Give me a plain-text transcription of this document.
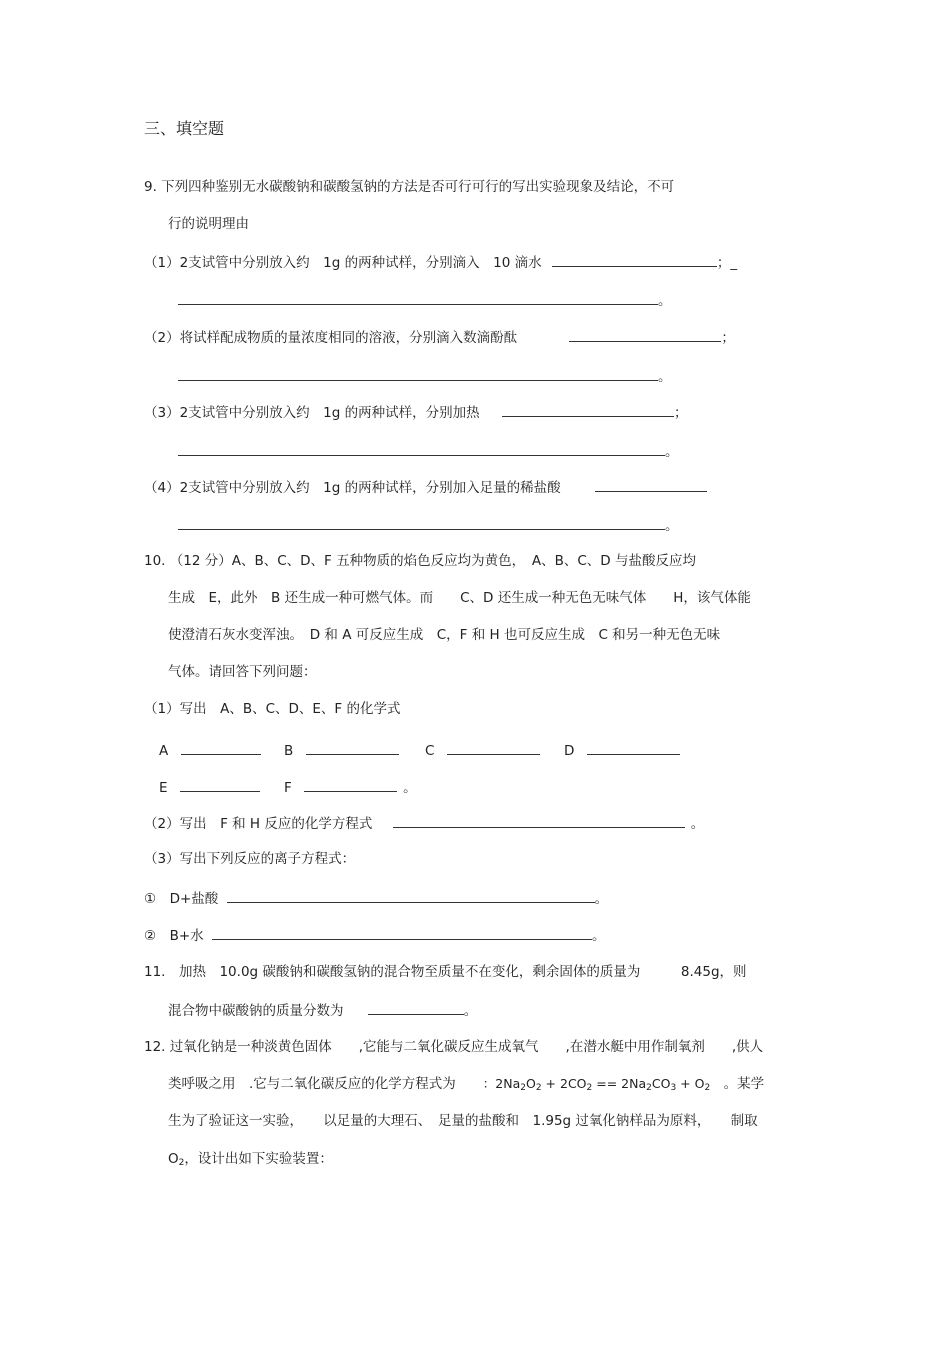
三、填空题
9. 下列四种鉴别无水碳酸钠和碳酸氢钠的方法是否可行可行的写出实验现象及结论，不可
行的说明理由
（1）2支试管中分别放入约　1g 的两种试样，分别滴入　10 滴水	；_
。
（2）将试样配成物质的量浓度相同的溶液，分别滴入数滴酚酞	；
。
（3）2支试管中分别放入约　1g 的两种试样，分别加热	；
。
（4）2支试管中分别放入约　1g 的两种试样，分别加入足量的稀盐酸
。
10. （12 分）A、B、C、D、F 五种物质的焰色反应均为黄色，　A、B、C、D 与盐酸反应均
生成　E，此外　B 还生成一种可燃气体。而　　C、D 还生成一种无色无味气体　　H，该气体能
使澄清石灰水变浑浊。　D 和 A 可反应生成　C，F 和 H 也可反应生成　C 和另一种无色无味
气体。请回答下列问题：
（1）写出　A、B、C、D、E、F 的化学式
A	B	C	D
E	F	。
（2）写出　F 和 H 反应的化学方程式	。
（3）写出下列反应的离子方程式：
①　D+盐酸	。
②　B+水	。
11.　加热　10.0g 碳酸钠和碳酸氢钠的混合物至质量不在变化，剩余固体的质量为　　　8.45g，则
混合物中碳酸钠的质量分数为	。
12. 过氧化钠是一种淡黄色固体　　,它能与二氧化碳反应生成氧气　　,在潜水艇中用作制氧剂　　,供人
类呼吸之用　.它与二氧化碳反应的化学方程式为　　：$2Na_2O_2 + 2CO_2 == 2Na_2CO_3 + O_2$　。某学
生为了验证这一实验，　　以足量的大理石、　足量的盐酸和　1.95g 过氧化钠样品为原料，　　制取
$O_2$，设计出如下实验装置：
